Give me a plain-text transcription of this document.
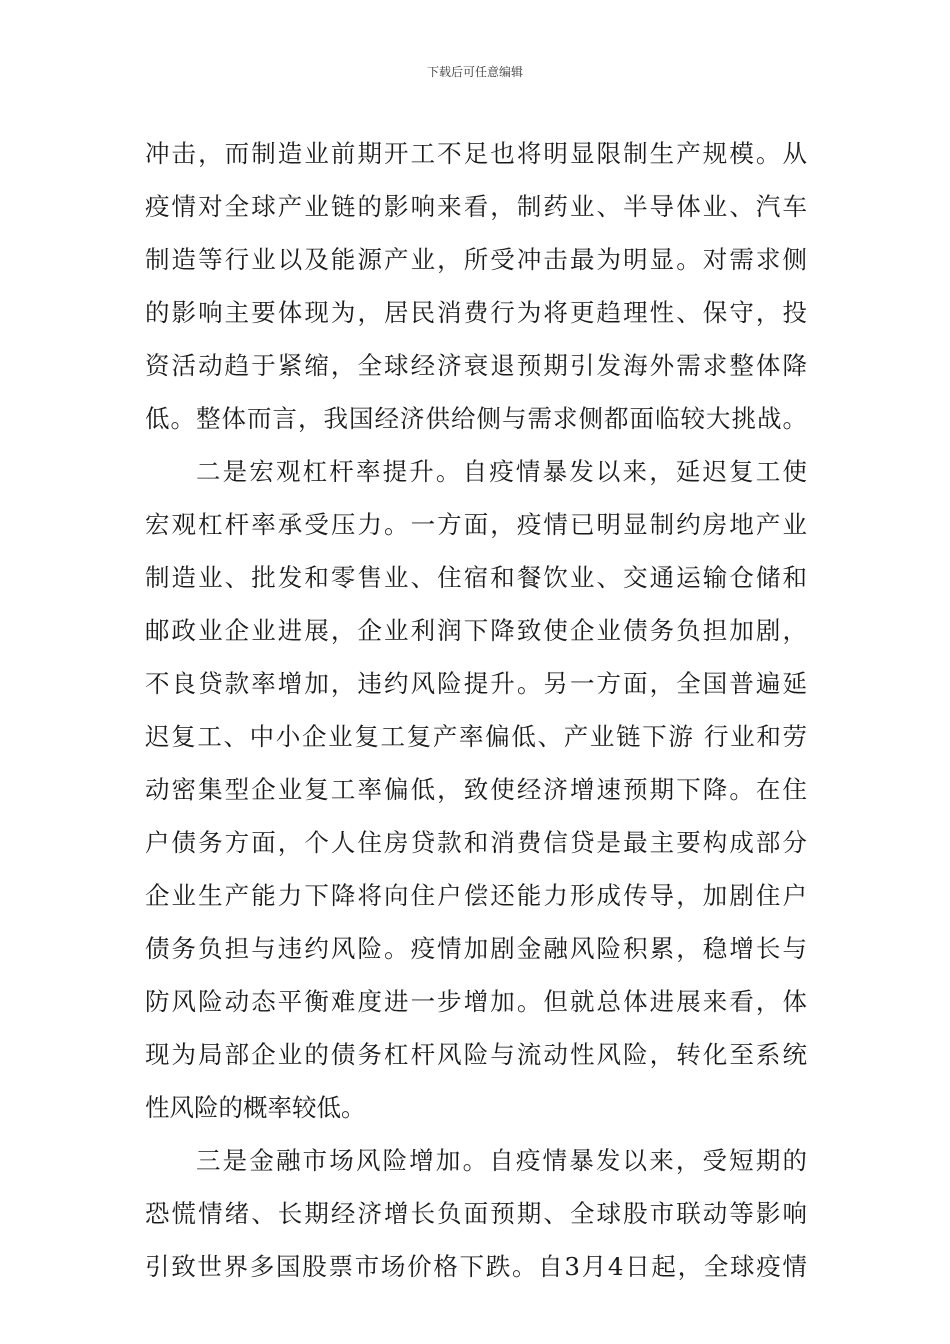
下载后可任意编辑
冲击，而制造业前期开工不足也将明显限制生产规模。从
疫情对全球产业链的影响来看，制药业、半导体业、汽车
制造等行业以及能源产业，所受冲击最为明显。对需求侧
的影响主要体现为，居民消费行为将更趋理性、保守，投
资活动趋于紧缩，全球经济衰退预期引发海外需求整体降
低。整体而言，我国经济供给侧与需求侧都面临较大挑战。
二是宏观杠杆率提升。自疫情暴发以来，延迟复工使
宏观杠杆率承受压力。一方面，疫情已明显制约房地产业
制造业、批发和零售业、住宿和餐饮业、交通运输仓储和
邮政业企业进展，企业利润下降致使企业债务负担加剧，
不良贷款率增加，违约风险提升。另一方面，全国普遍延
迟复工、中小企业复工复产率偏低、产业链下游 行业和劳
动密集型企业复工率偏低，致使经济增速预期下降。在住
户债务方面，个人住房贷款和消费信贷是最主要构成部分
企业生产能力下降将向住户偿还能力形成传导，加剧住户
债务负担与违约风险。疫情加剧金融风险积累，稳增长与
防风险动态平衡难度进一步增加。但就总体进展来看，体
现为局部企业的债务杠杆风险与流动性风险，转化至系统
性风险的概率较低。
三是金融市场风险增加。自疫情暴发以来，受短期的
恐慌情绪、长期经济增长负面预期、全球股市联动等影响
引致世界多国股票市场价格下跌。自3月4日起，全球疫情
